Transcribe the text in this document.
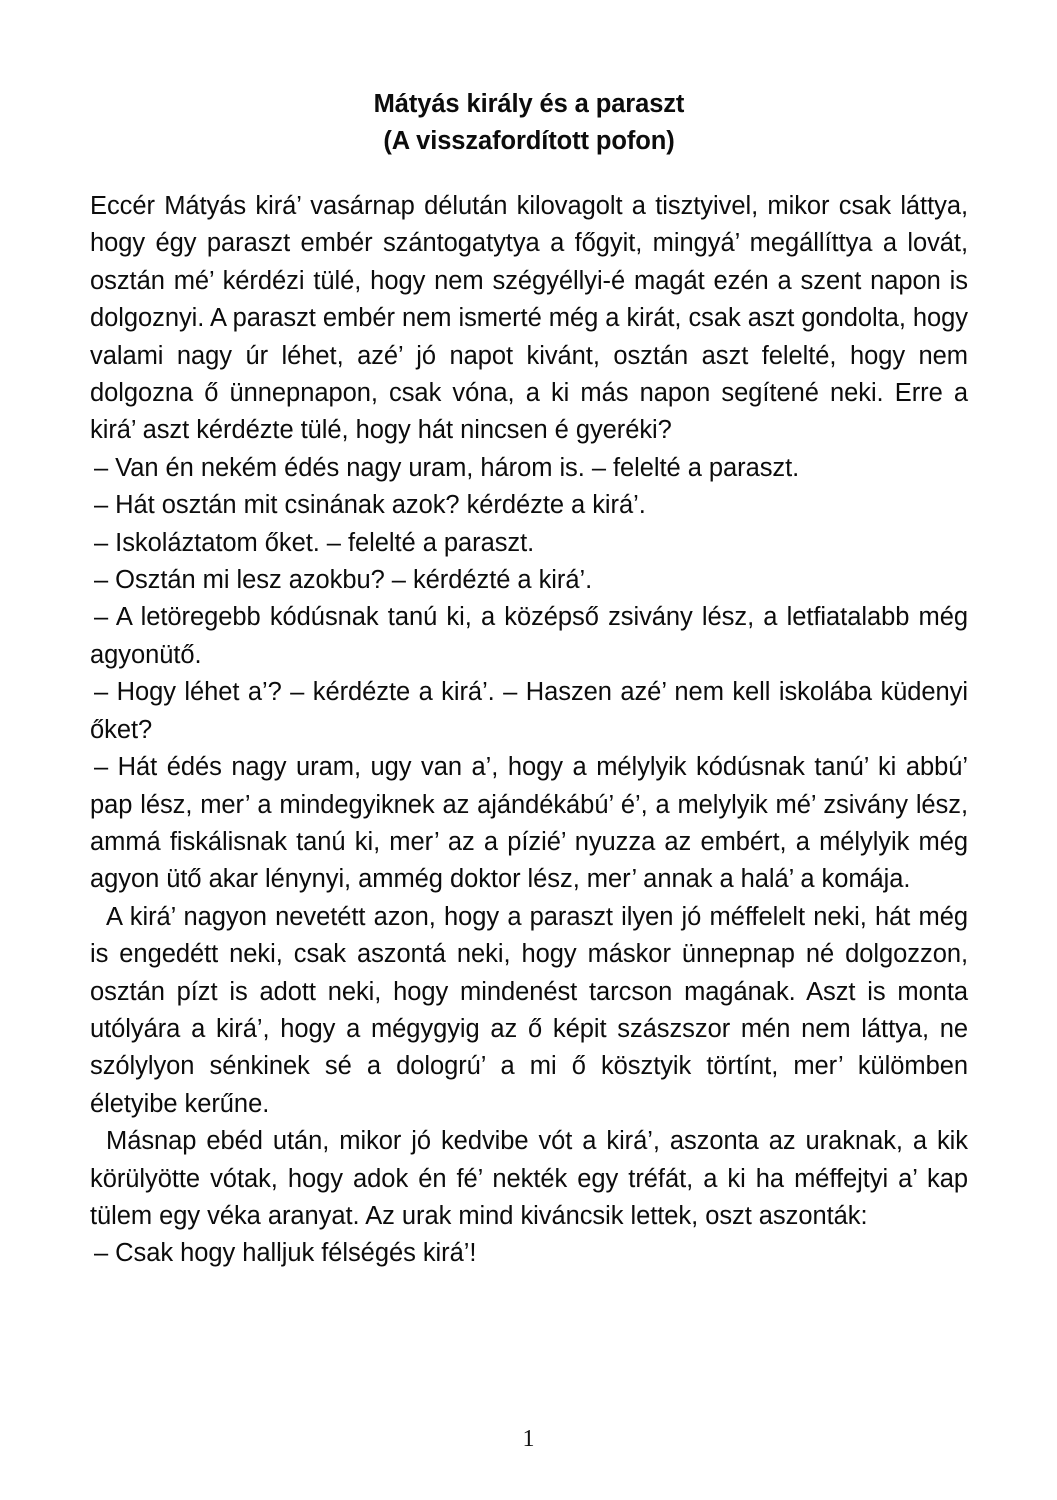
Mátyás király és a paraszt
(A visszafordított pofon)

Eccér Mátyás kirá’ vasárnap délután kilovagolt a tisztyivel, mikor csak láttya, hogy égy paraszt embér szántogatytya a főgyit, mingyá’ megállíttya a lovát, osztán mé’ kérdézi tülé, hogy nem szégyéllyi-é magát ezén a szent napon is dolgoznyi. A paraszt embér nem ismerté még a kirát, csak aszt gondolta, hogy valami nagy úr léhet, azé’ jó napot kivánt, osztán aszt felelté, hogy nem dolgozna ő ünnepnapon, csak vóna, a ki más napon segítené neki. Erre a kirá’ aszt kérdézte tülé, hogy hát nincsen é gyeréki?

– Van én nekém édés nagy uram, három is. – felelté a paraszt.

– Hát osztán mit csinának azok? kérdézte a kirá’.

– Iskoláztatom őket. – felelté a paraszt.

– Osztán mi lesz azokbu? – kérdézté a kirá’.

– A letöregebb kódúsnak tanú ki, a középső zsivány lész, a letfiatalabb még agyonütő.

– Hogy léhet a’? – kérdézte a kirá’. – Haszen azé’ nem kell iskolába küdenyi őket?

– Hát édés nagy uram, ugy van a’, hogy a mélylyik kódúsnak tanú’ ki abbú’ pap lész, mer’ a mindegyiknek az ajándékábú’ é’, a melylyik mé’ zsivány lész, ammá fiskálisnak tanú ki, mer’ az a pízié’ nyuzza az embért, a mélylyik még agyon ütő akar lénynyi, ammég doktor lész, mer’ annak a halá’ a komája.

A kirá’ nagyon nevetétt azon, hogy a paraszt ilyen jó méffelelt neki, hát még is engedétt neki, csak aszontá neki, hogy máskor ünnepnap né dolgozzon, osztán pízt is adott neki, hogy mindenést tarcson magának. Aszt is monta utólyára a kirá’, hogy a mégygyig az ő képit szászszor mén nem láttya, ne szólylyon sénkinek sé a dologrú’ a mi ő kösztyik törtínt, mer’ külömben életyibe kerűne.

Másnap ebéd után, mikor jó kedvibe vót a kirá’, aszonta az uraknak, a kik körülyötte vótak, hogy adok én fé’ nekték egy tréfát, a ki ha méffejtyi a’ kap tülem egy véka aranyat. Az urak mind kiváncsik lettek, oszt aszonták:

– Csak hogy halljuk félségés kirá’!

1
